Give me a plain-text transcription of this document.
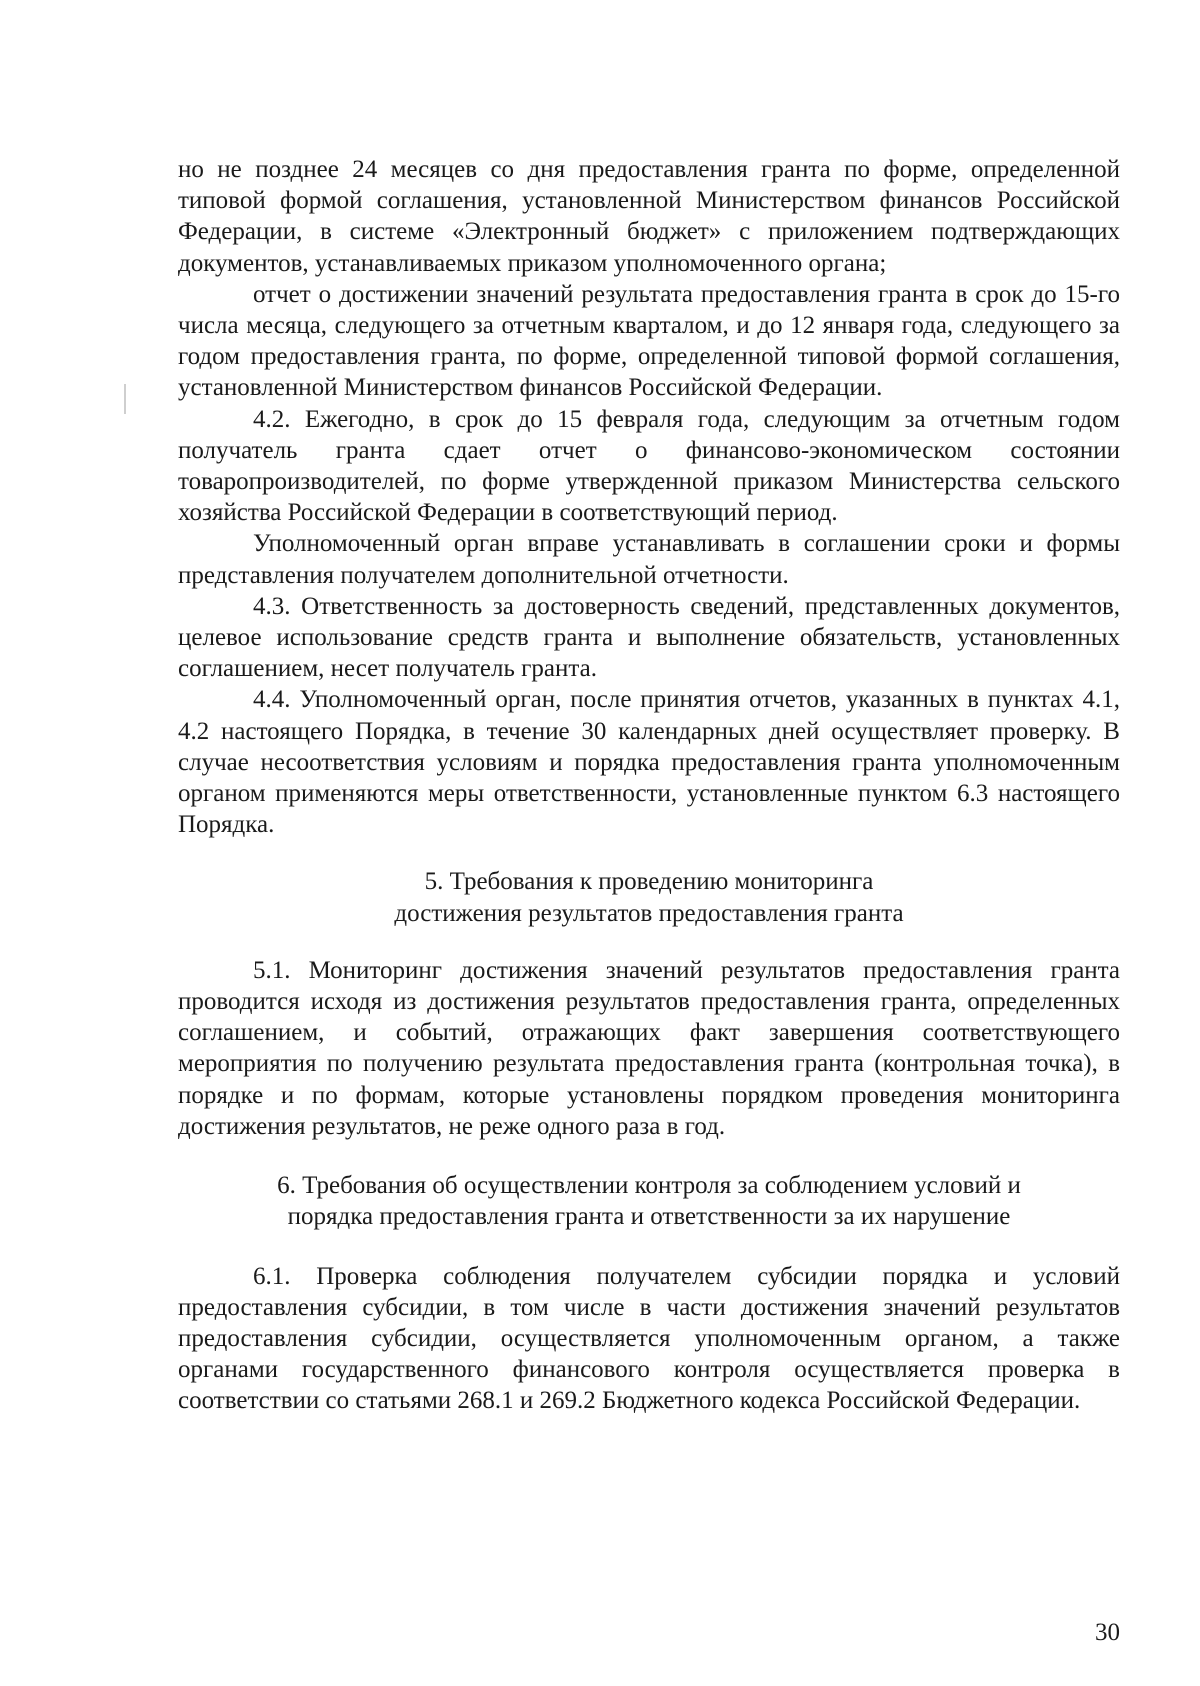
но не позднее 24 месяцев со дня предоставления гранта по форме, определенной типовой формой соглашения, установленной Министерством финансов Российской Федерации, в системе «Электронный бюджет» с приложением подтверждающих документов, устанавливаемых приказом уполномоченного органа;

отчет о достижении значений результата предоставления гранта в срок до 15-го числа месяца, следующего за отчетным кварталом, и до 12 января года, следующего за годом предоставления гранта, по форме, определенной типовой формой соглашения, установленной Министерством финансов Российской Федерации.

4.2. Ежегодно, в срок до 15 февраля года, следующим за отчетным годом получатель гранта сдает отчет о финансово-экономическом состоянии товаропроизводителей, по форме утвержденной приказом Министерства сельского хозяйства Российской Федерации в соответствующий период.

Уполномоченный орган вправе устанавливать в соглашении сроки и формы представления получателем дополнительной отчетности.

4.3. Ответственность за достоверность сведений, представленных документов, целевое использование средств гранта и выполнение обязательств, установленных соглашением, несет получатель гранта.

4.4. Уполномоченный орган, после принятия отчетов, указанных в пунктах 4.1, 4.2 настоящего Порядка, в течение 30 календарных дней осуществляет проверку. В случае несоответствия условиям и порядка предоставления гранта уполномоченным органом применяются меры ответственности, установленные пунктом 6.3 настоящего Порядка.

5. Требования к проведению мониторинга
достижения результатов предоставления гранта

5.1. Мониторинг достижения значений результатов предоставления гранта проводится исходя из достижения результатов предоставления гранта, определенных соглашением, и событий, отражающих факт завершения соответствующего мероприятия по получению результата предоставления гранта (контрольная точка), в порядке и по формам, которые установлены порядком проведения мониторинга достижения результатов, не реже одного раза в год.

6. Требования об осуществлении контроля за соблюдением условий и
порядка предоставления гранта и ответственности за их нарушение

6.1. Проверка соблюдения получателем субсидии порядка и условий предоставления субсидии, в том числе в части достижения значений результатов предоставления субсидии, осуществляется уполномоченным органом, а также органами государственного финансового контроля осуществляется проверка в соответствии со статьями 268.1 и 269.2 Бюджетного кодекса Российской Федерации.

30
